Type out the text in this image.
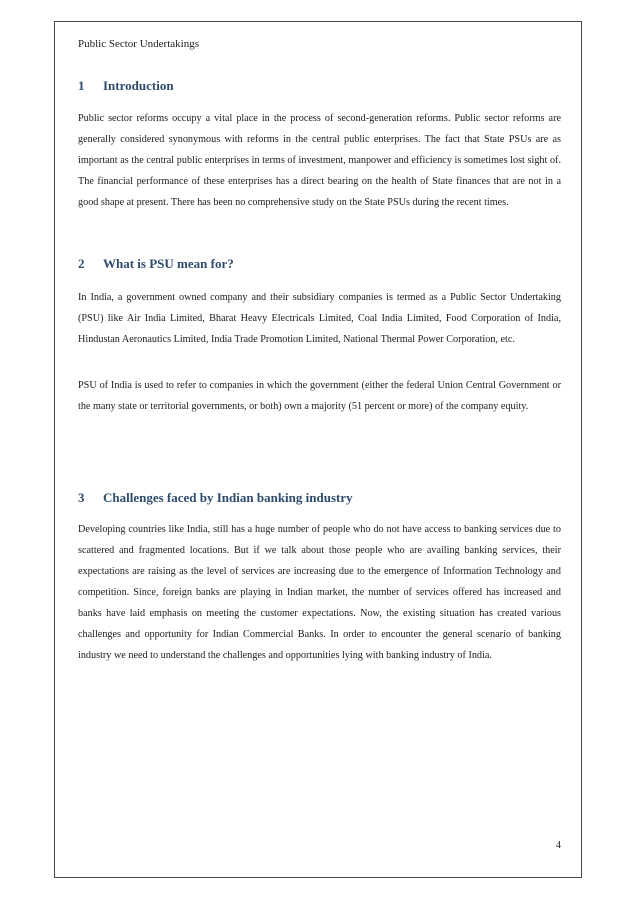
Public Sector Undertakings
1 Introduction

Public sector reforms occupy a vital place in the process of second-generation reforms. Public sector reforms are generally considered synonymous with reforms in the central public enterprises. The fact that State PSUs are as important as the central public enterprises in terms of investment, manpower and efficiency is sometimes lost sight of. The financial performance of these enterprises has a direct bearing on the health of State finances that are not in a good shape at present. There has been no comprehensive study on the State PSUs during the recent times.

2 What is PSU mean for?

In India, a government owned company and their subsidiary companies is termed as a Public Sector Undertaking (PSU) like Air India Limited, Bharat Heavy Electricals Limited, Coal India Limited, Food Corporation of India, Hindustan Aeronautics Limited, India Trade Promotion Limited, National Thermal Power Corporation, etc.

PSU of India is used to refer to companies in which the government (either the federal Union Central Government or the many state or territorial governments, or both) own a majority (51 percent or more) of the company equity.

3 Challenges faced by Indian banking industry

Developing countries like India, still has a huge number of people who do not have access to banking services due to scattered and fragmented locations. But if we talk about those people who are availing banking services, their expectations are raising as the level of services are increasing due to the emergence of Information Technology and competition. Since, foreign banks are playing in Indian market, the number of services offered has increased and banks have laid emphasis on meeting the customer expectations. Now, the existing situation has created various challenges and opportunity for Indian Commercial Banks. In order to encounter the general scenario of banking industry we need to understand the challenges and opportunities lying with banking industry of India.

4
